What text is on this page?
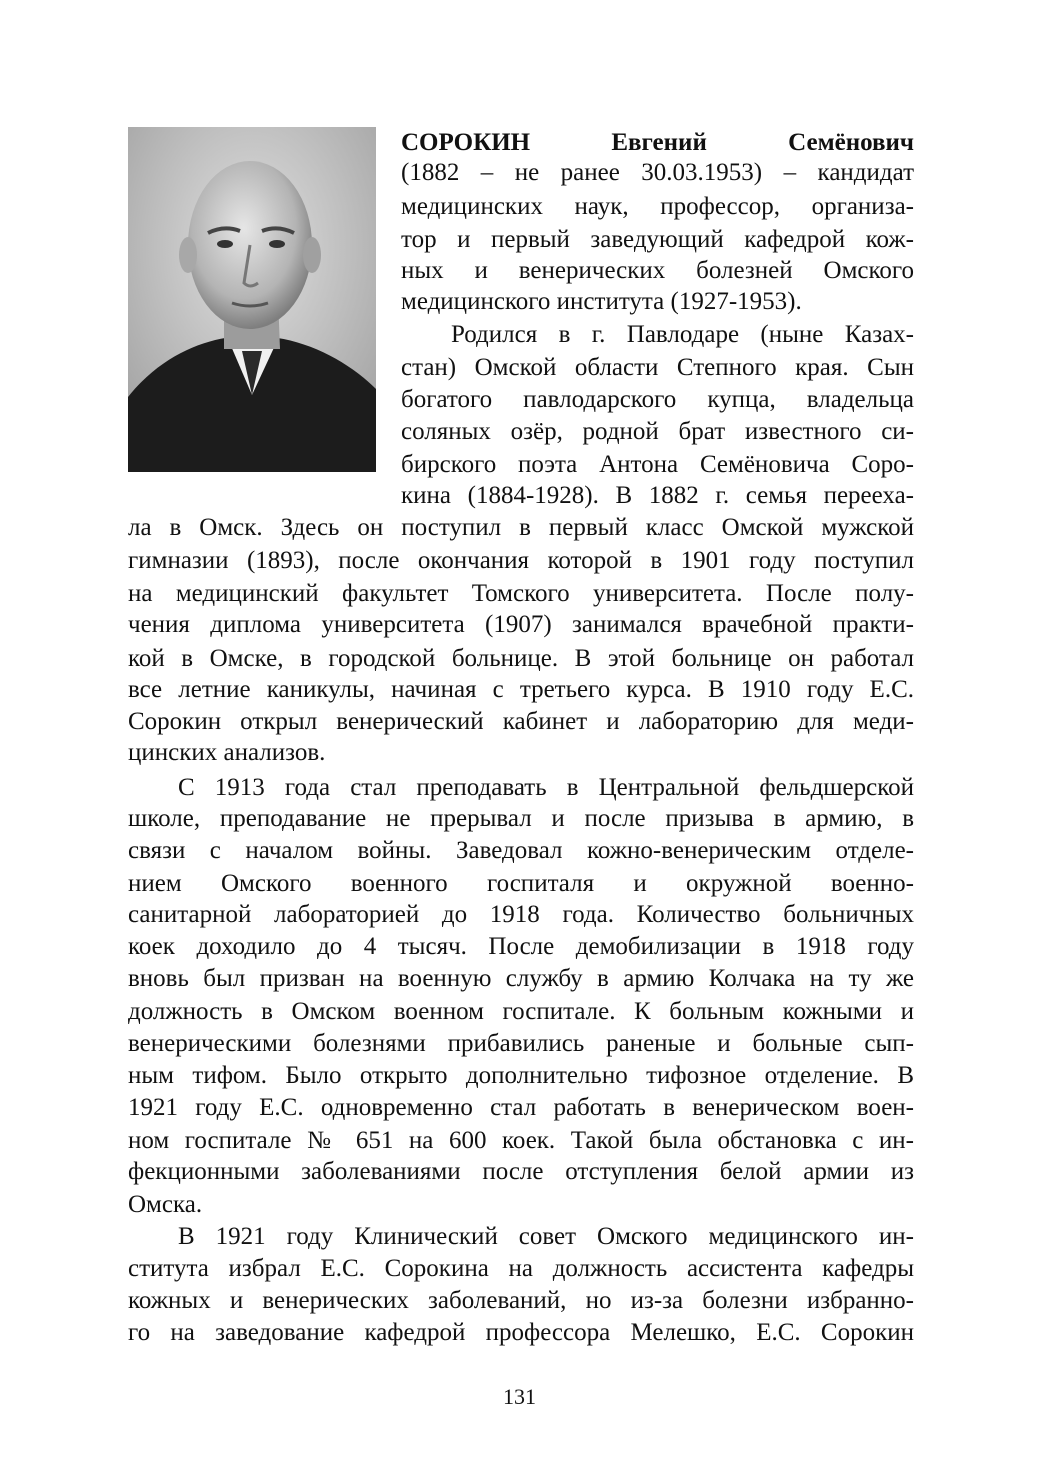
СОРОКИН Евгений Семёнович
(1882 – не ранее 30.03.1953) – кандидат
медицинских наук, профессор, организа-
тор и первый заведующий кафедрой кож-
ных и венерических болезней Омского
медицинского института (1927-1953).
Родился в г. Павлодаре (ныне Казах-
стан) Омской области Степного края. Сын
богатого павлодарского купца, владельца
соляных озёр, родной брат известного си-
бирского поэта Антона Семёновича Соро-
кина (1884-1928). В 1882 г. семья перееха-
ла в Омск. Здесь он поступил в первый класс Омской мужской
гимназии (1893), после окончания которой в 1901 году поступил
на медицинский факультет Томского университета. После полу-
чения диплома университета (1907) занимался врачебной практи-
кой в Омске, в городской больнице. В этой больнице он работал
все летние каникулы, начиная с третьего курса. В 1910 году Е.С.
Сорокин открыл венерический кабинет и лабораторию для меди-
цинских анализов.
С 1913 года стал преподавать в Центральной фельдшерской
школе, преподавание не прерывал и после призыва в армию, в
связи с началом войны. Заведовал кожно-венерическим отделе-
нием Омского военного госпиталя и окружной военно-
санитарной лабораторией до 1918 года. Количество больничных
коек доходило до 4 тысяч. После демобилизации в 1918 году
вновь был призван на военную службу в армию Колчака на ту же
должность в Омском военном госпитале. К больным кожными и
венерическими болезнями прибавились раненые и больные сып-
ным тифом. Было открыто дополнительно тифозное отделение. В
1921 году Е.С. одновременно стал работать в венерическом воен-
ном госпитале № 651 на 600 коек. Такой была обстановка с ин-
фекционными заболеваниями после отступления белой армии из
Омска.
В 1921 году Клинический совет Омского медицинского ин-
ститута избрал Е.С. Сорокина на должность ассистента кафедры
кожных и венерических заболеваний, но из-за болезни избранно-
го на заведование кафедрой профессора Мелешко, Е.С. Сорокин
131
